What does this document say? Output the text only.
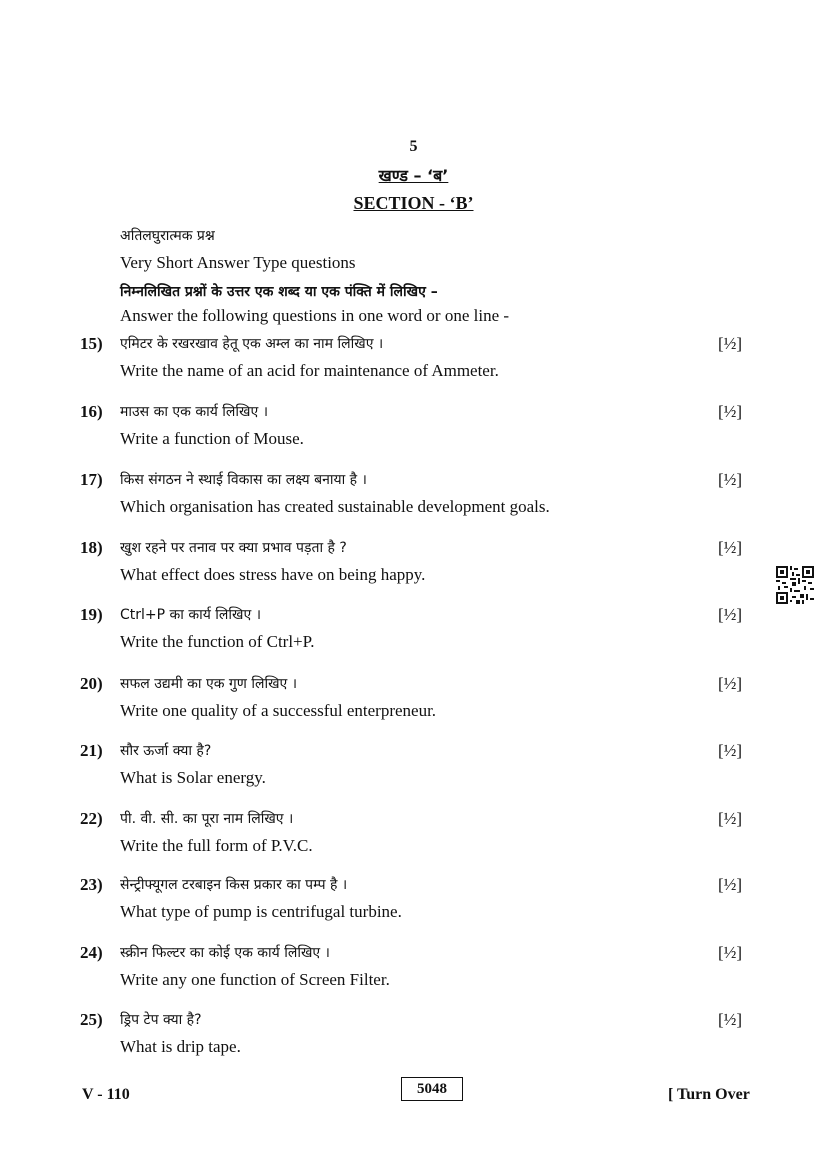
5
खण्ड – ‘ब’
SECTION - ‘B’
अतिलघुरात्मक प्रश्न
Very Short Answer Type questions
निम्नलिखित प्रश्नों के उत्तर एक शब्द या एक पंक्ति में लिखिए –
Answer the following questions in one word or one line -
15) एमिटर के रखरखाव हेतू एक अम्ल का नाम लिखिए ।
Write the name of an acid for maintenance of Ammeter.
[½]
16) माउस का एक कार्य लिखिए ।
Write a function of Mouse.
[½]
17) किस संगठन ने स्थाई विकास का लक्ष्य बनाया है ।
Which organisation has created sustainable development goals.
[½]
18) खुश रहने पर तनाव पर क्या प्रभाव पड़ता है ?
What effect does stress have on being happy.
[½]
19) Ctrl+P का कार्य लिखिए ।
Write the function of Ctrl+P.
[½]
20) सफल उद्यमी का एक गुण लिखिए ।
Write one quality of a successful enterpreneur.
[½]
21) सौर ऊर्जा क्या है?
What is Solar energy.
[½]
22) पी. वी. सी. का पूरा नाम लिखिए ।
Write the full form of P.V.C.
[½]
23) सेन्ट्रीफ्यूगल टरबाइन किस प्रकार का पम्प है ।
What type of pump is centrifugal turbine.
[½]
24) स्क्रीन फिल्टर का कोई एक कार्य लिखिए ।
Write any one function of Screen Filter.
[½]
25) ड्रिप टेप क्या है?
What is drip tape.
[½]
V - 110	5048	[ Turn Over
